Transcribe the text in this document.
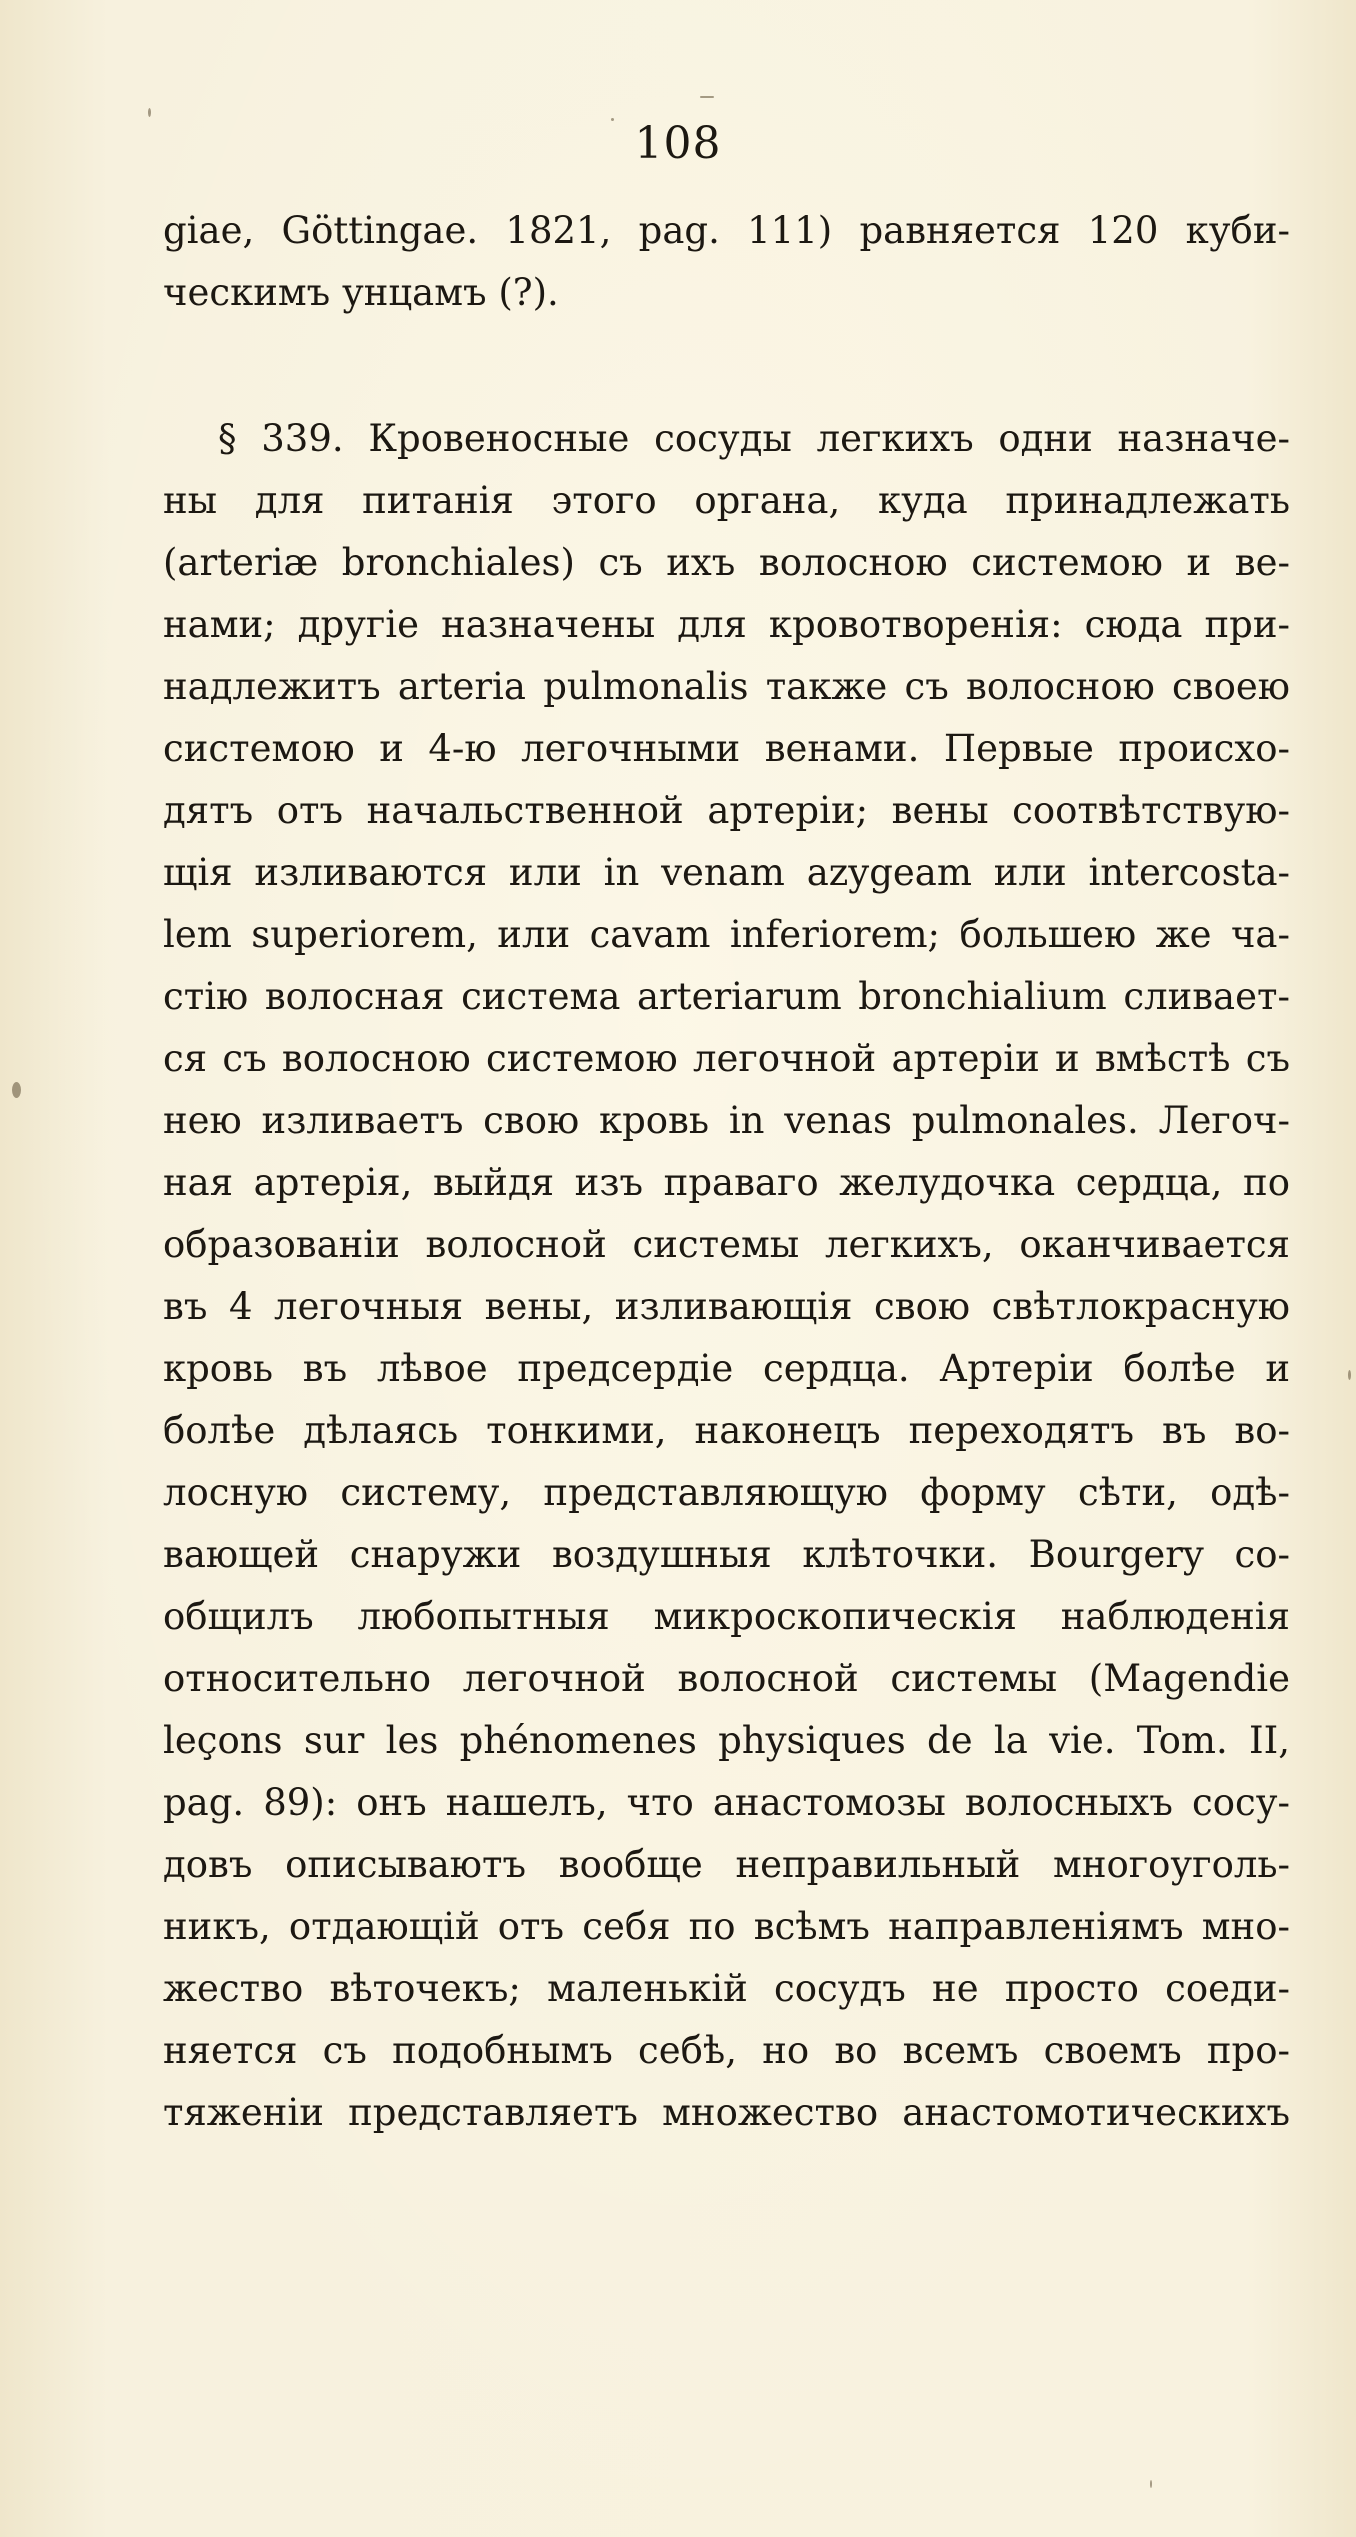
108
giae, Göttingae. 1821, pag. 111) равняется 120 куби-
ческимъ унцамъ (?).
§ 339. Кровеносные сосуды легкихъ одни назначе-
ны для питанія этого органа, куда принадлежать
(arteriæ bronchiales) съ ихъ волосною системою и ве-
нами; другіе назначены для кровотворенія: сюда при-
надлежитъ arteria pulmonalis также съ волосною своею
системою и 4-ю легочными венами. Первые происхо-
дятъ отъ начальственной артеріи; вены соотвѣтствую-
щія изливаются или in venam azygeam или intercosta-
lem superiorem, или cavam inferiorem; большею же ча-
стію волосная система arteriarum bronchialium сливает-
ся съ волосною системою легочной артеріи и вмѣстѣ съ
нею изливаетъ свою кровь in venas pulmonales. Легоч-
ная артерія, выйдя изъ праваго желудочка сердца, по
образованіи волосной системы легкихъ, оканчивается
въ 4 легочныя вены, изливающія свою свѣтлокрасную
кровь въ лѣвое предсердіе сердца. Артеріи болѣе и
болѣе дѣлаясь тонкими, наконецъ переходятъ въ во-
лосную систему, представляющую форму сѣти, одѣ-
вающей снаружи воздушныя клѣточки. Bourgery со-
общилъ любопытныя микроскопическія наблюденія
относительно легочной волосной системы (Magendie
leçons sur les phénomenes physiques de la vie. Tom. II,
pag. 89): онъ нашелъ, что анастомозы волосныхъ сосу-
довъ описываютъ вообще неправильный многоуголь-
никъ, отдающій отъ себя по всѣмъ направленіямъ мно-
жество вѣточекъ; маленькій сосудъ не просто соеди-
няется съ подобнымъ себѣ, но во всемъ своемъ про-
тяженіи представляетъ множество анастомотическихъ
